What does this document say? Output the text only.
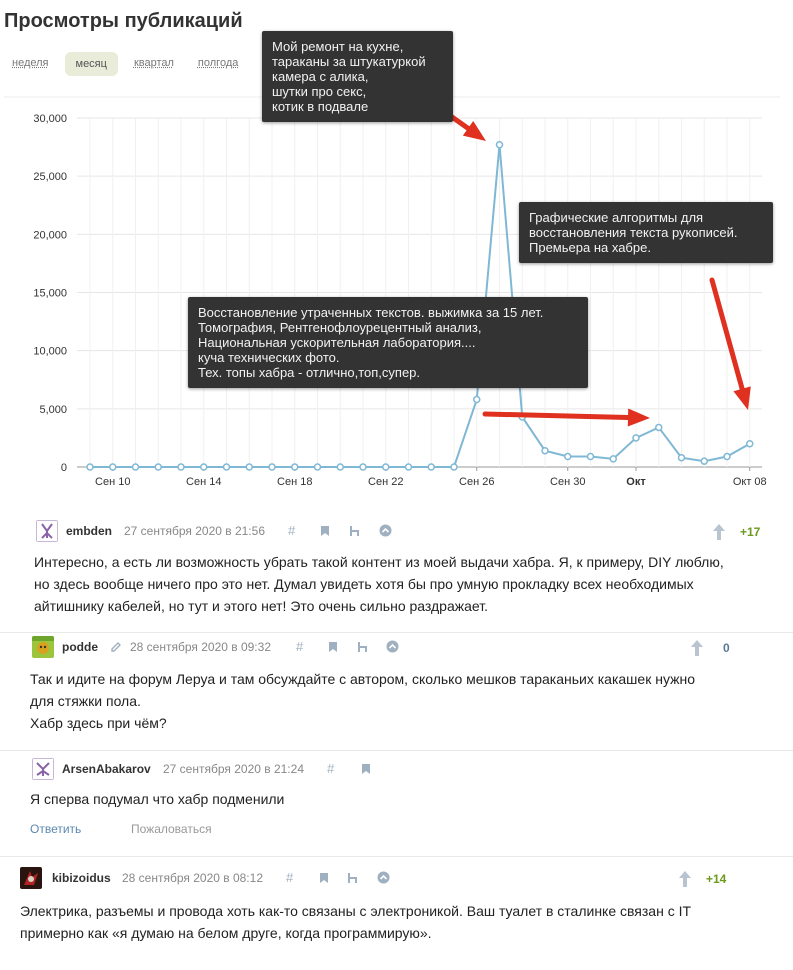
Просмотры публикаций
неделя	месяц	квартал	полгода
0
5,000
10,000
15,000
20,000
25,000
30,000
Сен 10	Сен 14	Сен 18	Сен 22	Сен 26	Сен 30	Окт	Окт 08
Мой ремонт на кухне,
тараканы за штукатуркой
камера с алика,
шутки про секс,
котик в подвале
Графические алгоритмы для восстановления текста рукописей.
Премьера на хабре.
Восстановление утраченных текстов. выжимка за 15 лет.
Томография, Рентгенофлоурецентный анализ,
Национальная ускорительная лаборатория....
куча технических фото.
Тех. топы хабра - отлично,топ,супер.
embden 27 сентября 2020 в 21:56 #	+17
Интересно, а есть ли возможность убрать такой контент из моей выдачи хабра. Я, к примеру, DIY люблю,
но здесь вообще ничего про это нет. Думал увидеть хотя бы про умную прокладку всех необходимых
айтишнику кабелей, но тут и этого нет! Это очень сильно раздражает.
podde	28 сентября 2020 в 09:32 #	0
Так и идите на форум Леруа и там обсуждайте с автором, сколько мешков тараканьих какашек нужно
для стяжки пола.
Хабр здесь при чём?
ArsenAbakarov 27 сентября 2020 в 21:24 #
Я сперва подумал что хабр подменили
Ответить	Пожаловаться
kibizoidus 28 сентября 2020 в 08:12 #	+14
Электрика, разъемы и провода хоть как-то связаны с электроникой. Ваш туалет в сталинке связан с IT
примерно как «я думаю на белом друге, когда программирую».
